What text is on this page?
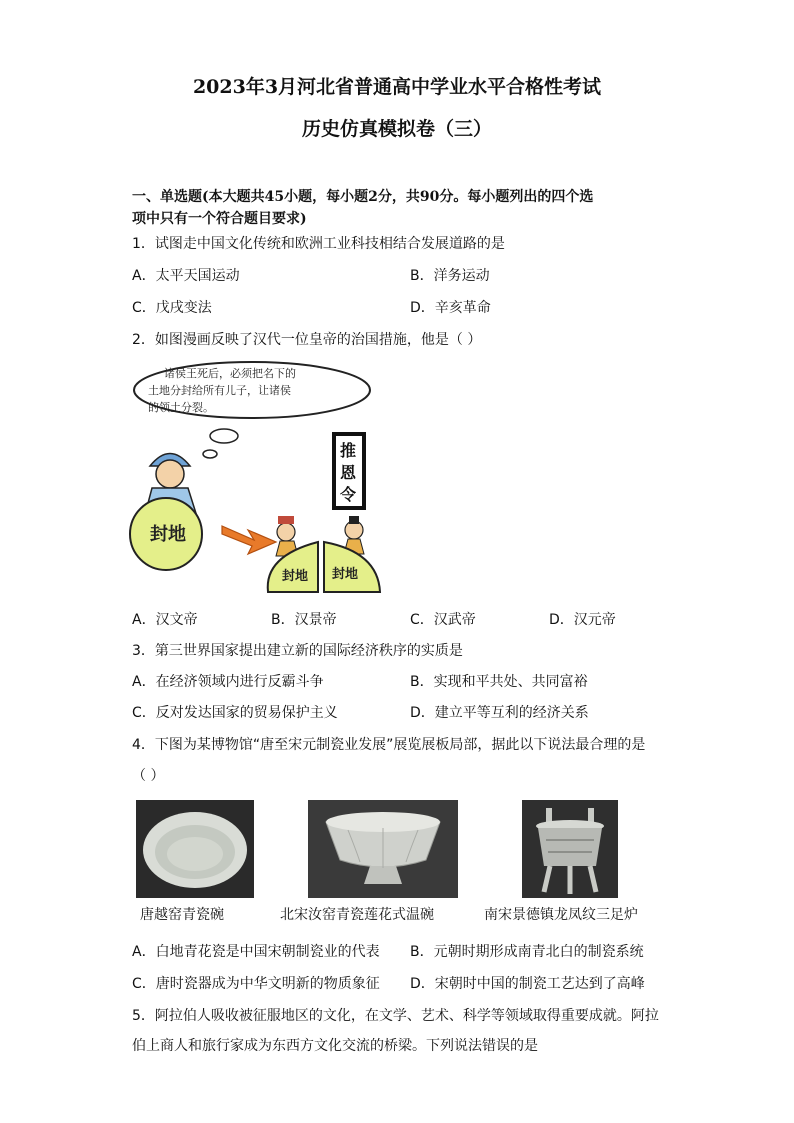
2023年3月河北省普通高中学业水平合格性考试
历史仿真模拟卷（三）
一、单选题(本大题共45小题，每小题2分，共90分。每小题列出的四个选
项中只有一个符合题目要求)
1．试图走中国文化传统和欧洲工业科技相结合发展道路的是
A．太平天国运动	B．洋务运动
C．戊戌变法	D．辛亥革命
2．如图漫画反映了汉代一位皇帝的治国措施，他是（ ）
诸侯王死后，必须把名下的
土地分封给所有儿子，让诸侯
的领土分裂。
封地
推
恩
令
封地 封地
A．汉文帝	B．汉景帝	C．汉武帝	D．汉元帝
3．第三世界国家提出建立新的国际经济秩序的实质是
A．在经济领域内进行反霸斗争	B．实现和平共处、共同富裕
C．反对发达国家的贸易保护主义	D．建立平等互利的经济关系
4．下图为某博物馆“唐至宋元制瓷业发展”展览展板局部，据此以下说法最合理的是
（ ）
唐越窑青瓷碗	北宋汝窑青瓷莲花式温碗	南宋景德镇龙凤纹三足炉
A．白地青花瓷是中国宋朝制瓷业的代表 B．元朝时期形成南青北白的制瓷系统
C．唐时瓷器成为中华文明新的物质象征 D．宋朝时中国的制瓷工艺达到了高峰
5．阿拉伯人吸收被征服地区的文化，在文学、艺术、科学等领域取得重要成就。阿拉
伯上商人和旅行家成为东西方文化交流的桥梁。下列说法错误的是
